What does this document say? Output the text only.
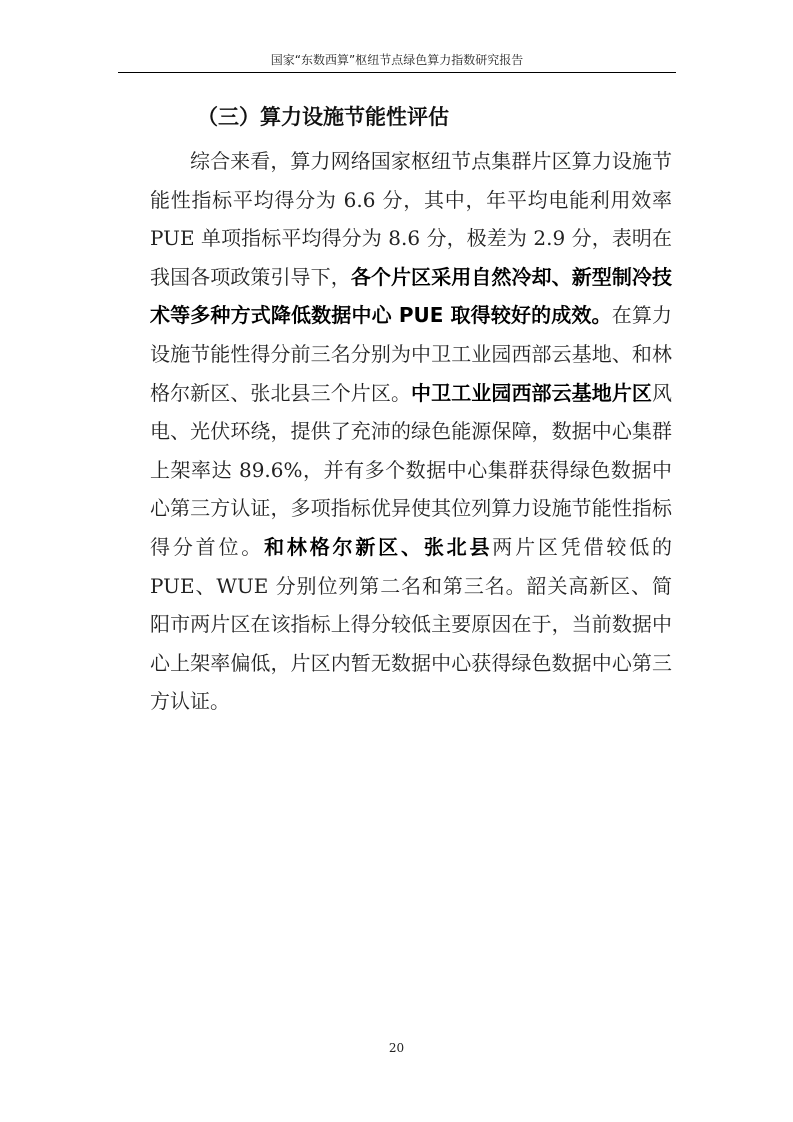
国家“东数西算”枢纽节点绿色算力指数研究报告
（三）算力设施节能性评估

综合来看，算力网络国家枢纽节点集群片区算力设施节能性指标平均得分为 6.6 分，其中，年平均电能利用效率 PUE 单项指标平均得分为 8.6 分，极差为 2.9 分，表明在我国各项政策引导下，各个片区采用自然冷却、新型制冷技术等多种方式降低数据中心 PUE 取得较好的成效。在算力设施节能性得分前三名分别为中卫工业园西部云基地、和林格尔新区、张北县三个片区。中卫工业园西部云基地片区风电、光伏环绕，提供了充沛的绿色能源保障，数据中心集群上架率达 89.6%，并有多个数据中心集群获得绿色数据中心第三方认证，多项指标优异使其位列算力设施节能性指标得分首位。和林格尔新区、张北县两片区凭借较低的 PUE、WUE 分别位列第二名和第三名。韶关高新区、简阳市两片区在该指标上得分较低主要原因在于，当前数据中心上架率偏低，片区内暂无数据中心获得绿色数据中心第三方认证。

20
